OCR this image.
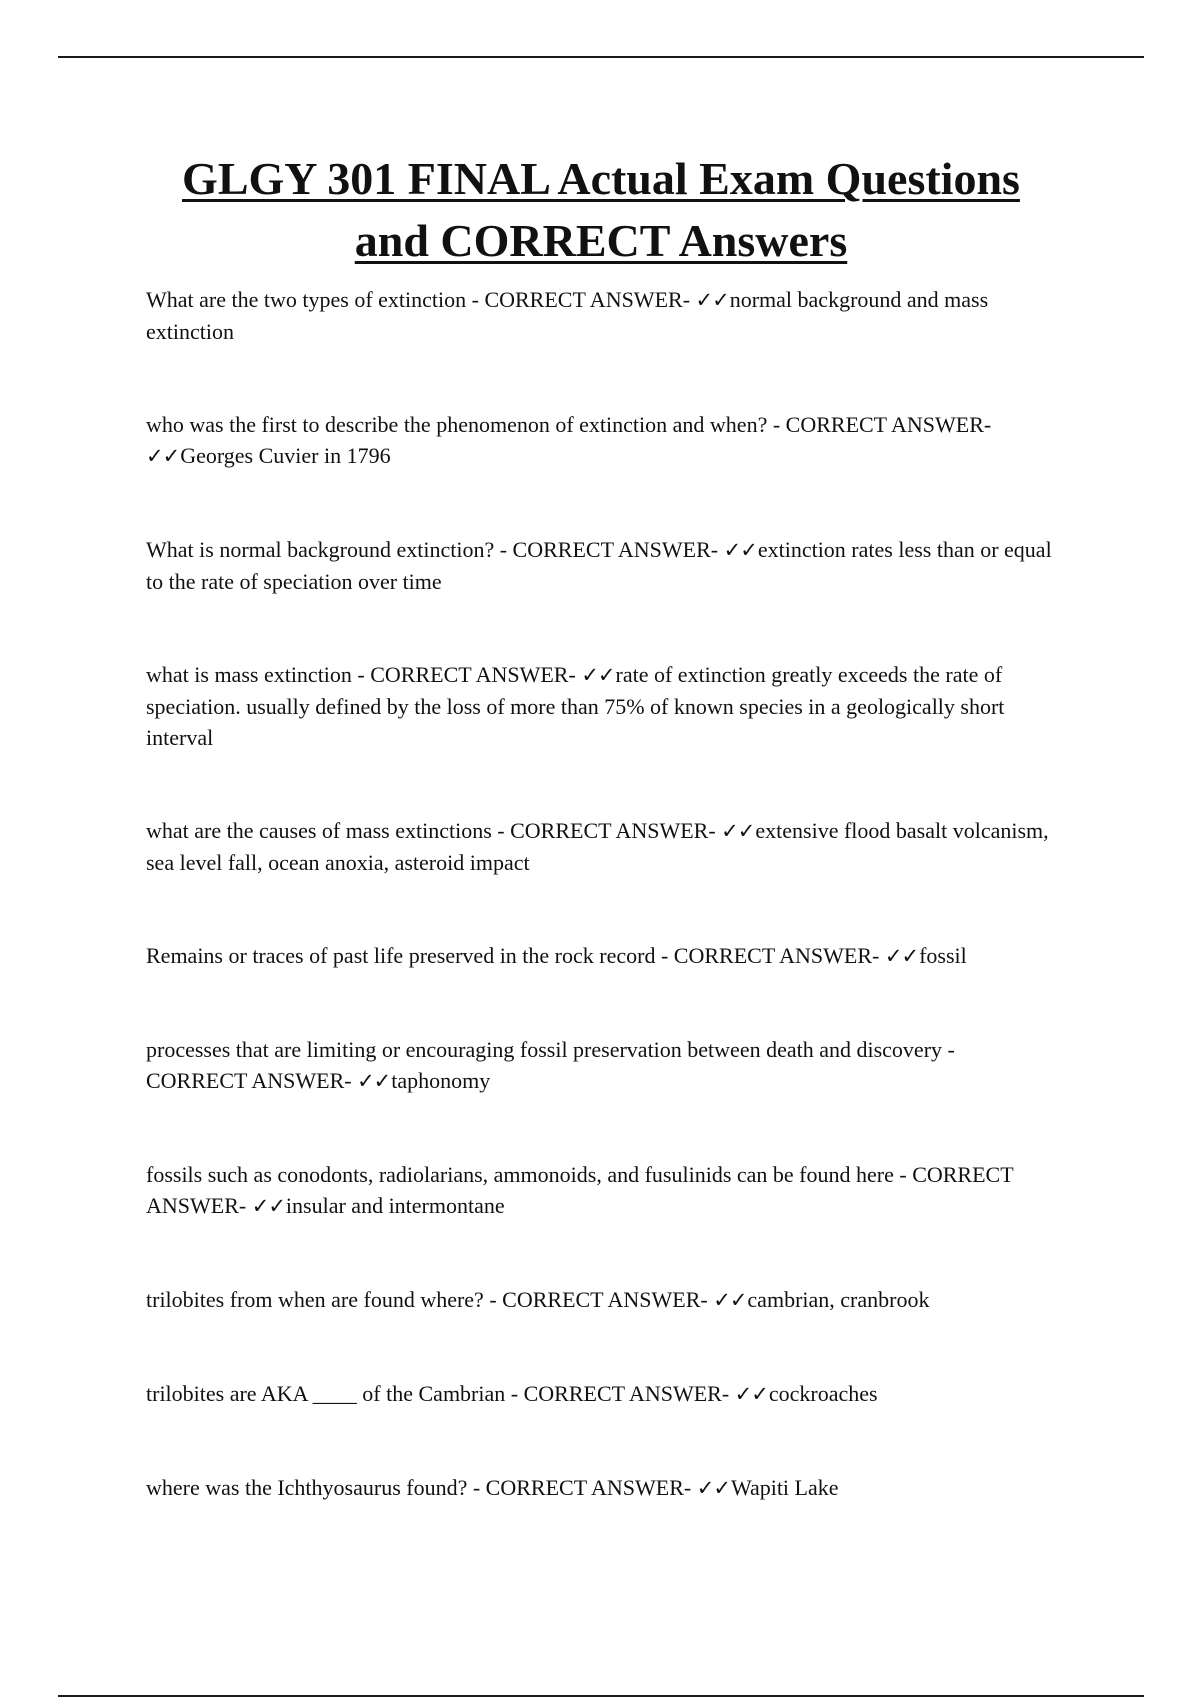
GLGY 301 FINAL Actual Exam Questions
and CORRECT Answers
What are the two types of extinction - CORRECT ANSWER- ✓✓normal background and mass extinction
who was the first to describe the phenomenon of extinction and when? - CORRECT ANSWER- ✓✓Georges Cuvier in 1796
What is normal background extinction? - CORRECT ANSWER- ✓✓extinction rates less than or equal to the rate of speciation over time
what is mass extinction - CORRECT ANSWER- ✓✓rate of extinction greatly exceeds the rate of speciation. usually defined by the loss of more than 75% of known species in a geologically short interval
what are the causes of mass extinctions - CORRECT ANSWER- ✓✓extensive flood basalt volcanism, sea level fall, ocean anoxia, asteroid impact
Remains or traces of past life preserved in the rock record - CORRECT ANSWER- ✓✓fossil
processes that are limiting or encouraging fossil preservation between death and discovery - CORRECT ANSWER- ✓✓taphonomy
fossils such as conodonts, radiolarians, ammonoids, and fusulinids can be found here - CORRECT ANSWER- ✓✓insular and intermontane
trilobites from when are found where? - CORRECT ANSWER- ✓✓cambrian, cranbrook
trilobites are AKA ____ of the Cambrian - CORRECT ANSWER- ✓✓cockroaches
where was the Ichthyosaurus found? - CORRECT ANSWER- ✓✓Wapiti Lake
